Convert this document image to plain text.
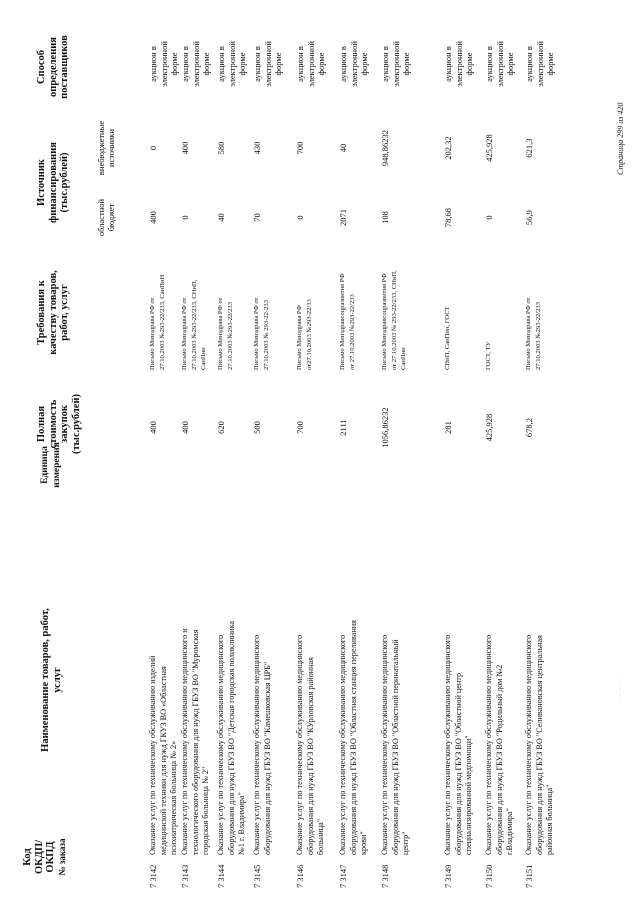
Код ОКДП/ ОКПД № заказа
Наименование товаров, работ, услуг
Единица измерения
Полная стоимость закупок (тыс.рублей)
Требования к качеству товаров, работ, услуг
Источник финансирования (тыс.рублей)
областной бюджет
внебюджетные источники
Способ определения поставщиков
7 3142
Оказание услуг по техническому обслуживанию изделий медицинской техники для нужд ГКУЗ ВО «Областная психиатрическая больница № 2»
400
Письмо Минздрава РФ от 27.10.2003 №293-22/233, СанПиН
400
0
аукцион в электронной форме
7 3143
Оказание услуг по техническому обслуживанию медицинского и технологического оборудования для нужд ГБУЗ ВО "Муромская городская больница № 2"
400
Письмо Минздрава РФ от 27.10.2003 №293-22/233, СНиП, СанПин
0
400
аукцион в электронной форме
7 3144
Оказание услуг по техническому обслуживанию медицинского оборудования для нужд ГБУЗ ВО "Детская городская поликлиника №1 г. Владимира"
620
Письмо Минздрава РФ от 27.10.2003 №293-22/233
40
580
аукцион в электронной форме
7 3145
Оказание услуг по техническому обслуживанию медицинского оборудования для нужд ГБУЗ ВО "Камешковская ЦРБ"
500
Письмо Минздрава РФ от 27.10.2003 № 293-22-233
70
430
аукцион в электронной форме
7 3146
Оказание услуг по техническому обслуживанию медицинского оборудования для нужд ГБУЗ ВО "КУрловская районная больница"
700
Письмо Минздрава РФ от27.10.2003 №293-22/33
0
700
аукцион в электронной форме
7 3147
Оказание услуг по техническому обслуживанию медицинского оборудования для нужд ГБУЗ ВО "Областная станция переливания крови"
2111
Письмо Минздравсоцразвития РФ от 27.10.2003 №293-22/233
2071
40
аукцион в электронной форме
7 3148
Оказание услуг по техническому обслуживанию медицинского оборудования для нужд ГБУЗ ВО "Областной перинатальный центр"
1056,86232
Письмо Минздравсоцразвития РФ от 27.10.2003 № 293-22/233, СНиП, СанПин
108
948,86232
аукцион в электронной форме
7 3149
Оказание услуг по техническому обслуживанию медицинского оборудования для нужд ГБУЗ ВО "Областной центр специализированной медпомощи"
281
СНиП, СанПин, ГОСТ
78,68
202,32
аукцион в электронной форме
7 3150
Оказание услуг по техническому обслуживанию медицинского оборудования для нужд ГБУЗ ВО "Родильный дом №2 г.Владимира"
425,928
ГОСТ, ТУ
0
425,928
аукцион в электронной форме
7 3151
Оказание услуг по техническому обслуживанию медицинского оборудования для нужд ГБУЗ ВО "Селивановская центральная районная больница"
678,2
Письмо Минздрава РФ от 27.10.2003 №293-22/233
56,9
621,3
аукцион в электронной форме
· · · · · · · ·
Страница 299 из 420
